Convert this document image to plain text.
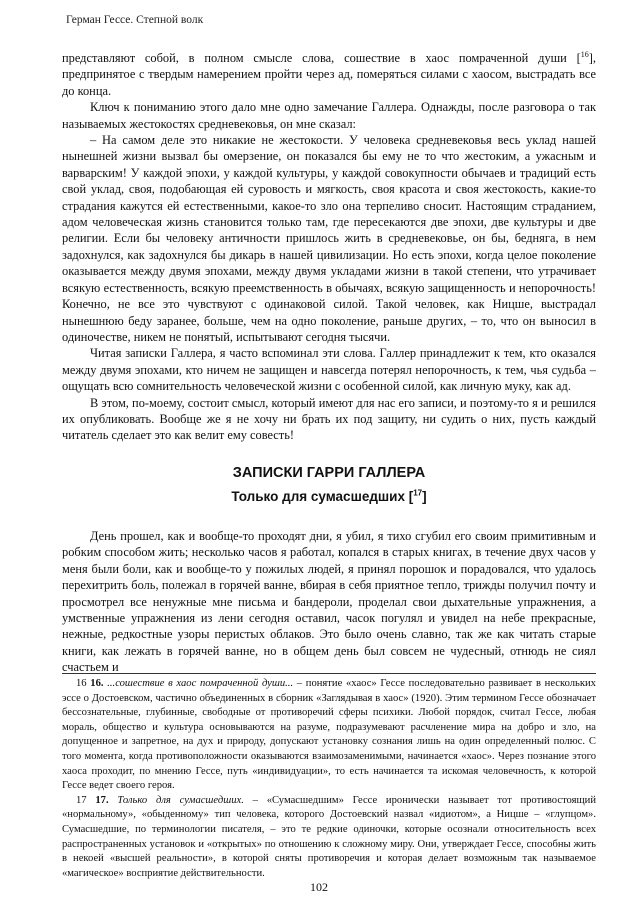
Герман Гессе. Степной волк

представляют собой, в полном смысле слова, сошествие в хаос помраченной души [$^{16}$], предпринятое с твердым намерением пройти через ад, померяться силами с хаосом, выстрадать все до конца.

Ключ к пониманию этого дало мне одно замечание Галлера. Однажды, после разговора о так называемых жестокостях средневековья, он мне сказал:

– На самом деле это никакие не жестокости. У человека средневековья весь уклад нашей нынешней жизни вызвал бы омерзение, он показался бы ему не то что жестоким, а ужасным и варварским! У каждой эпохи, у каждой культуры, у каждой совокупности обычаев и традиций есть свой уклад, своя, подобающая ей суровость и мягкость, своя красота и своя жестокость, какие-то страдания кажутся ей естественными, какое-то зло она терпеливо сносит. Настоящим страданием, адом человеческая жизнь становится только там, где пересекаются две эпохи, две культуры и две религии. Если бы человеку античности пришлось жить в средневековье, он бы, бедняга, в нем задохнулся, как задохнулся бы дикарь в нашей цивилизации. Но есть эпохи, когда целое поколение оказывается между двумя эпохами, между двумя укладами жизни в такой степени, что утрачивает всякую естественность, всякую преемственность в обычаях, всякую защищенность и непорочность! Конечно, не все это чувствуют с одинаковой силой. Такой человек, как Ницше, выстрадал нынешнюю беду заранее, больше, чем на одно поколение, раньше других, – то, что он выносил в одиночестве, никем не понятый, испытывают сегодня тысячи.

Читая записки Галлера, я часто вспоминал эти слова. Галлер принадлежит к тем, кто оказался между двумя эпохами, кто ничем не защищен и навсегда потерял непорочность, к тем, чья судьба – ощущать всю сомнительность человеческой жизни с особенной силой, как личную муку, как ад.

В этом, по-моему, состоит смысл, который имеют для нас его записи, и поэтому-то я и решился их опубликовать. Вообще же я не хочу ни брать их под защиту, ни судить о них, пусть каждый читатель сделает это как велит ему совесть!

ЗАПИСКИ ГАРРИ ГАЛЛЕРА
Только для сумасшедших [$^{17}$]

День прошел, как и вообще-то проходят дни, я убил, я тихо сгубил его своим примитивным и робким способом жить; несколько часов я работал, копался в старых книгах, в течение двух часов у меня были боли, как и вообще-то у пожилых людей, я принял порошок и порадовался, что удалось перехитрить боль, полежал в горячей ванне, вбирая в себя приятное тепло, трижды получил почту и просмотрел все ненужные мне письма и бандероли, проделал свои дыхательные упражнения, а умственные упражнения из лени сегодня оставил, часок погулял и увидел на небе прекрасные, нежные, редкостные узоры перистых облаков. Это было очень славно, так же как читать старые книги, как лежать в горячей ванне, но в общем день был совсем не чудесный, отнюдь не сиял счастьем и

16 16. ...сошествие в хаос помраченной души... – понятие «хаос» Гессе последовательно развивает в нескольких эссе о Достоевском, частично объединенных в сборник «Заглядывая в хаос» (1920). Этим термином Гессе обозначает бессознательные, глубинные, свободные от противоречий сферы психики. Любой порядок, считал Гессе, любая мораль, общество и культура основываются на разуме, подразумевают расчленение мира на добро и зло, на допущенное и запретное, на дух и природу, допускают установку сознания лишь на один определенный полюс. С того момента, когда противоположности оказываются взаимозаменимыми, начинается «хаос». Через познание этого хаоса проходит, по мнению Гессе, путь «индивидуации», то есть начинается та искомая человечность, к которой Гессе ведет своего героя.

17 17. Только для сумасшедших. – «Сумасшедшим» Гессе иронически называет тот противостоящий «нормальному», «обыденному» тип человека, которого Достоевский назвал «идиотом», а Ницше – «глупцом». Сумасшедшие, по терминологии писателя, – это те редкие одиночки, которые осознали относительность всех распространенных установок и «открытых» по отношению к сложному миру. Они, утверждает Гессе, способны жить в некоей «высшей реальности», в которой сняты противоречия и которая делает возможным так называемое «магическое» восприятие действительности.

102
